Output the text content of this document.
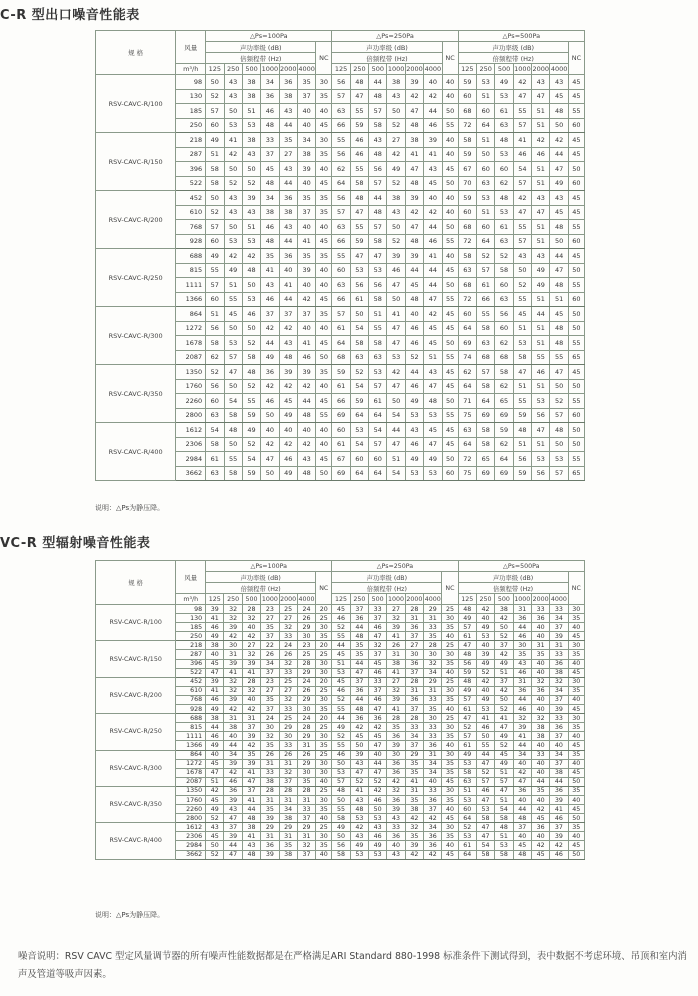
C-R 型出口噪音性能表
规 格	风量	△Ps=100Pa							△Ps=250Pa							△Ps=500Pa						
		声功率级 (dB)						NC	声功率级 (dB)						NC	声功率级 (dB)						NC
		倍频程带 (Hz)							倍频程带 (Hz)							倍频程带 (Hz)						
	m³/h	125	250	500	1000	2000	4000		125	250	500	1000	2000	4000		125	250	500	1000	2000	4000	
RSV-CAVC-R/100	98	50	43	38	34	36	35	30	56	48	44	38	39	40	40	59	53	49	42	43	43	45
	130	52	43	38	36	38	37	35	57	47	48	43	42	42	40	60	51	53	47	47	45	45
	185	57	50	51	46	43	40	40	63	55	57	50	47	44	50	68	60	61	55	51	48	55
	250	60	53	53	48	44	40	45	66	59	58	52	48	46	55	72	64	63	57	51	50	60
RSV-CAVC-R/150	218	49	41	38	33	35	34	30	55	46	43	27	38	39	40	58	51	48	41	42	42	45
	287	51	42	43	37	27	38	35	56	46	48	42	41	41	40	59	50	53	46	46	44	45
	396	58	50	50	45	43	39	40	62	55	56	49	47	43	45	67	60	60	54	51	47	50
	522	58	52	52	48	44	40	45	64	58	57	52	48	45	50	70	63	62	57	51	49	60
RSV-CAVC-R/200	452	50	43	39	34	36	35	35	56	48	44	38	39	40	40	59	53	48	42	43	43	45
	610	52	43	43	38	38	37	35	57	47	48	43	42	42	40	60	51	53	47	47	45	45
	768	57	50	51	46	43	40	40	63	55	57	50	47	44	50	68	60	61	55	51	48	55
	928	60	53	53	48	44	41	45	66	59	58	52	48	46	55	72	64	63	57	51	50	60
RSV-CAVC-R/250	688	49	42	42	35	36	35	35	55	47	47	39	39	41	40	58	52	52	43	43	44	45
	815	55	49	48	41	40	39	40	60	53	53	46	44	44	45	63	57	58	50	49	47	50
	1111	57	51	50	43	41	40	40	63	56	56	47	45	44	50	68	61	60	52	49	48	55
	1366	60	55	53	46	44	42	45	66	61	58	50	48	47	55	72	66	63	55	51	51	60
RSV-CAVC-R/300	864	51	45	46	37	37	37	35	57	50	51	41	40	42	45	60	55	56	45	44	45	50
	1272	56	50	50	42	42	40	40	61	54	55	47	46	45	45	64	58	60	51	51	48	50
	1678	58	53	52	44	43	41	45	64	58	58	47	46	45	50	69	63	62	53	51	48	55
	2087	62	57	58	49	48	46	50	68	63	63	53	52	51	55	74	68	68	58	55	55	65
RSV-CAVC-R/350	1350	52	47	48	36	39	39	35	59	52	53	42	44	43	45	62	57	58	47	46	47	45
	1760	56	50	52	42	42	42	40	61	54	57	47	46	47	45	64	58	62	51	51	50	50
	2260	60	54	55	46	45	44	45	66	59	61	50	49	48	50	71	64	65	55	53	52	55
	2800	63	58	59	50	49	48	55	69	64	64	54	53	53	55	75	69	69	59	56	57	60
RSV-CAVC-R/400	1612	54	48	49	40	40	40	40	60	53	54	44	43	45	45	63	58	59	48	47	48	50
	2306	58	50	52	42	42	42	40	61	54	57	47	46	47	45	64	58	62	51	51	50	50
	2984	61	55	54	47	46	43	45	67	60	60	51	49	49	50	72	65	64	56	53	53	55
	3662	63	58	59	50	49	48	50	69	64	64	54	53	53	60	75	69	69	59	56	57	65
说明：△Ps为静压降。
VC-R 型辐射噪音性能表
规 格	风量	△Ps=100Pa							△Ps=250Pa							△Ps=500Pa						
		声功率级 (dB)						NC	声功率级 (dB)						NC	声功率级 (dB)						NC
		倍频程带 (Hz)							倍频程带 (Hz)							倍频程带 (Hz)						
	m³/h	125	250	500	1000	2000	4000		125	250	500	1000	2000	4000		125	250	500	1000	2000	4000	
RSV-CAVC-R/100	98	39	32	28	23	25	24	20	45	37	33	27	28	29	25	48	42	38	31	33	33	30
	130	41	32	32	27	27	26	25	46	36	37	32	31	31	30	49	40	42	36	36	34	35
	185	46	39	40	35	32	29	30	52	44	46	39	36	33	35	57	49	50	44	40	37	40
	250	49	42	42	37	33	30	35	55	48	47	41	37	35	40	61	53	52	46	40	39	45
RSV-CAVC-R/150	218	38	30	27	22	24	23	20	44	35	32	26	27	28	25	47	40	37	30	31	31	30
	287	40	31	32	26	26	25	25	45	35	37	31	30	30	30	48	39	42	35	35	33	35
	396	45	39	39	34	32	28	30	51	44	45	38	36	32	35	56	49	49	43	40	36	40
	522	47	41	41	37	33	29	30	53	47	46	41	37	34	40	59	52	51	46	40	38	45
RSV-CAVC-R/200	452	39	32	28	23	25	24	20	45	37	33	27	28	29	25	48	42	37	31	32	32	30
	610	41	32	32	27	27	26	25	46	36	37	32	31	31	30	49	40	42	36	36	34	35
	768	46	39	40	35	32	29	30	52	44	46	39	36	33	35	57	49	50	44	40	37	40
	928	49	42	42	37	33	30	35	55	48	47	41	37	35	40	61	53	52	46	40	39	45
RSV-CAVC-R/250	688	38	31	31	24	25	24	20	44	36	36	28	28	30	25	47	41	41	32	32	33	30
	815	44	38	37	30	29	28	25	49	42	42	35	33	33	30	52	46	47	39	38	36	35
	1111	46	40	39	32	30	29	30	52	45	45	36	34	33	35	57	50	49	41	38	37	40
	1366	49	44	42	35	33	31	35	55	50	47	39	37	36	40	61	55	52	44	40	40	45
RSV-CAVC-R/300	864	40	34	35	26	26	26	25	46	39	40	30	29	31	30	49	44	45	34	33	34	35
	1272	45	39	39	31	31	29	30	50	43	44	36	35	34	35	53	47	49	40	40	37	40
	1678	47	42	41	33	32	30	30	53	47	47	36	35	34	35	58	52	51	42	40	38	45
	2087	51	46	47	38	37	35	40	57	52	52	42	41	40	45	63	57	57	47	44	44	50
RSV-CAVC-R/350	1350	42	36	37	28	28	28	25	48	41	42	32	31	33	30	51	46	47	36	35	36	35
	1760	45	39	41	31	31	31	30	50	43	46	36	35	36	35	53	47	51	40	40	39	40
	2260	49	43	44	35	34	33	35	55	48	50	39	38	37	40	60	53	54	44	42	41	45
	2800	52	47	48	39	38	37	40	58	53	53	43	42	42	45	64	58	58	48	45	46	50
RSV-CAVC-R/400	1612	43	37	38	29	29	29	25	49	42	43	33	32	34	30	52	47	48	37	36	37	35
	2306	45	39	41	31	31	31	30	50	43	46	36	35	36	35	53	47	51	40	40	39	40
	2984	50	44	43	36	35	32	35	56	49	49	40	39	36	40	61	54	53	45	42	42	45
	3662	52	47	48	39	38	37	40	58	53	53	43	42	42	45	64	58	58	48	45	46	50
说明：△Ps为静压降。
噪音说明：RSV CAVC 型定风量调节器的所有噪声性能数据都是在严格满足ARI Standard 880-1998 标准条件下测试得到，表中数据不考虑环境、吊顶和室内消声及管道等吸声因素。
